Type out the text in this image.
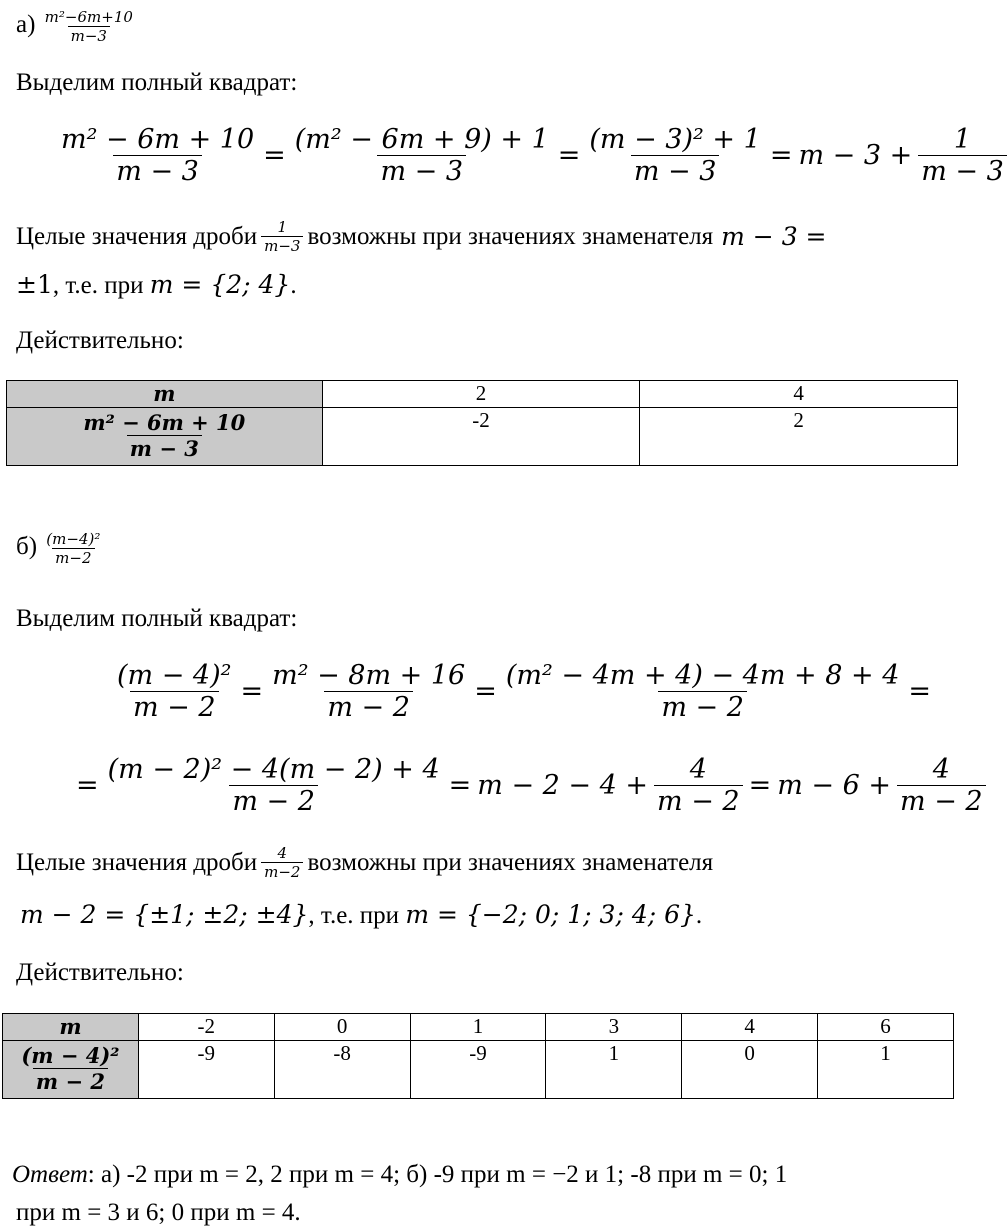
$а) \frac{\text{m²−6m+10}}{m-3}$
Выделим полный квадрат:
$\frac{\text{m² − 6m + 10}}{m - 3} = \frac{\text{(m² − 6m + 9) + 1}}{m - 3} = \frac{\text{(m − 3)² + 1}}{m - 3} = m - 3 + \frac{1}{m - 3}$
Целые значения дроби $\frac{1}{m-3}$ возможны при значениях знаменателя m − 3 =
±1, т.е. при m = {2; 4}.
Действительно:
m	2	4

$\frac{\text{m² − 6m + 10}}{m - 3}$	-2	2
$б) \frac{\text{(m−4)²}}{m-2}$
Выделим полный квадрат:
$\frac{\text{(m − 4)²}}{m - 2} = \frac{\text{m² − 8m + 16}}{m - 2} = \frac{\text{(m² − 4m + 4) − 4m + 8 + 4}}{m - 2}$ =
= $\frac{\text{(m − 2)² − 4(m − 2) + 4}}{m - 2} = m - 2 - 4 + \frac{4}{m - 2} = m - 6 + \frac{4}{m - 2}$
Целые значения дроби $\frac{4}{m-2}$ возможны при значениях знаменателя
m − 2 = {±1; ±2; ±4}, т.е. при m = {−2; 0; 1; 3; 4; 6}.
Действительно:
m	-2	0	1	3	4	6

$\frac{\text{(m − 4)²}}{m - 2}$	-9	-8	-9	1	0	1
Ответ: а) -2 при m = 2, 2 при m = 4; б) -9 при m = −2 и 1; -8 при m = 0; 1
при m = 3 и 6; 0 при m = 4.
